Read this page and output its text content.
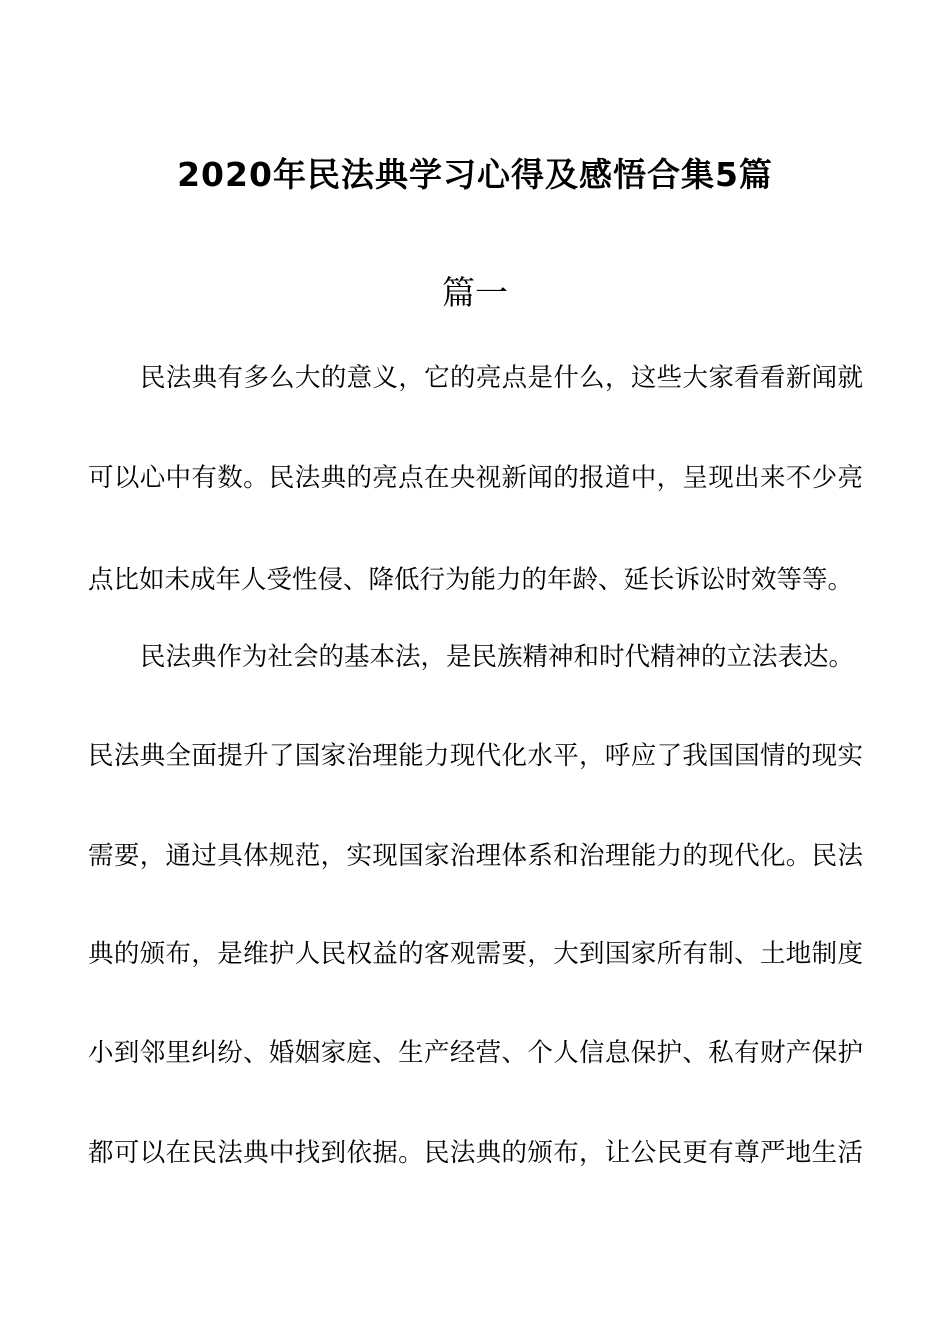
2020年民法典学习心得及感悟合集5篇
篇一
民法典有多么大的意义，它的亮点是什么，这些大家看看新闻就
可以心中有数。民法典的亮点在央视新闻的报道中，呈现出来不少亮
点比如未成年人受性侵、降低行为能力的年龄、延长诉讼时效等等。
民法典作为社会的基本法，是民族精神和时代精神的立法表达。
民法典全面提升了国家治理能力现代化水平，呼应了我国国情的现实
需要，通过具体规范，实现国家治理体系和治理能力的现代化。民法
典的颁布，是维护人民权益的客观需要，大到国家所有制、土地制度
小到邻里纠纷、婚姻家庭、生产经营、个人信息保护、私有财产保护
都可以在民法典中找到依据。民法典的颁布，让公民更有尊严地生活
